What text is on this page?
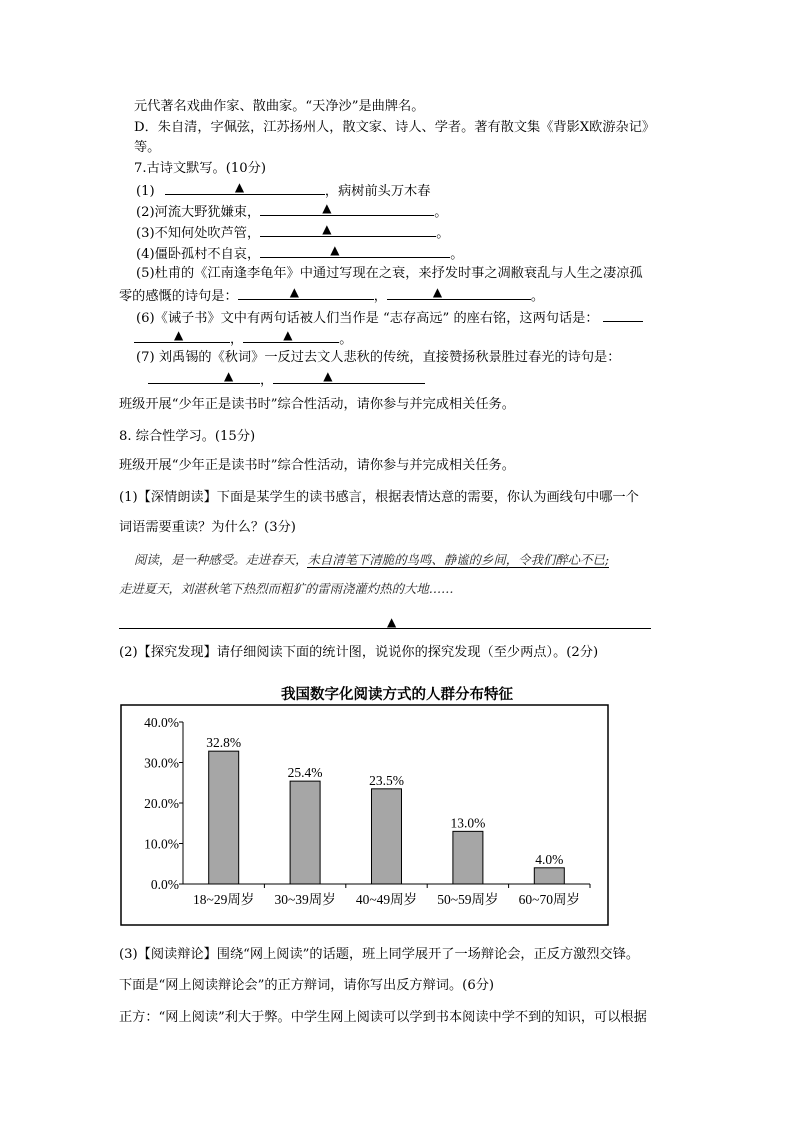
元代著名戏曲作家、散曲家。“天净沙”是曲牌名。
D．朱自清，字佩弦，江苏扬州人，散文家、诗人、学者。著有散文集《背影Ⅹ欧游杂记》
等。
7.古诗文默写。(10分)
(1)	▲	，病树前头万木春
(2)河流大野犹嫌束，	▲	。
(3)不知何处吹芦管，	▲	。
(4)僵卧孤村不自哀，	▲	。
(5)杜甫的《江南逢李龟年》中通过写现在之衰，来抒发时事之凋敝衰乱与人生之凄凉孤
零的感慨的诗句是：	▲	，	▲	。
(6)《诫子书》文中有两句话被人们当作是 “志存高远” 的座右铭，这两句话是：
▲	，	▲	。
(7) 刘禹锡的《秋词》一反过去文人悲秋的传统，直接赞扬秋景胜过春光的诗句是：
▲ ，	▲
班级开展“少年正是读书时”综合性活动，请你参与并完成相关任务。
8. 综合性学习。(15分)
班级开展“少年正是读书时”综合性活动，请你参与并完成相关任务。
(1)【深情朗读】下面是某学生的读书感言，根据表情达意的需要，你认为画线句中哪一个
词语需要重读？为什么？(3分)
阅读，是一种感受。走进春天，未自清笔下清脆的鸟鸣、静谧的乡间，令我们醉心不已;
走进夏天，刘湛秋笔下热烈而粗犷的雷雨浇灌灼热的大地……
▲
(2)【探究发现】请仔细阅读下面的统计图，说说你的探究发现（至少两点）。(2分)
我国数字化阅读方式的人群分布特征
0.0%
10.0%
20.0%
30.0%
40.0%
32.8%
18~29周岁
25.4%
30~39周岁
23.5%
40~49周岁
13.0%
50~59周岁
4.0%
60~70周岁
(3)【阅读辩论】围绕“网上阅读”的话题，班上同学展开了一场辩论会，正反方激烈交锋。
下面是“网上阅读辩论会”的正方辩词，请你写出反方辩词。(6分)
正方：“网上阅读”利大于弊。中学生网上阅读可以学到书本阅读中学不到的知识，可以根据
